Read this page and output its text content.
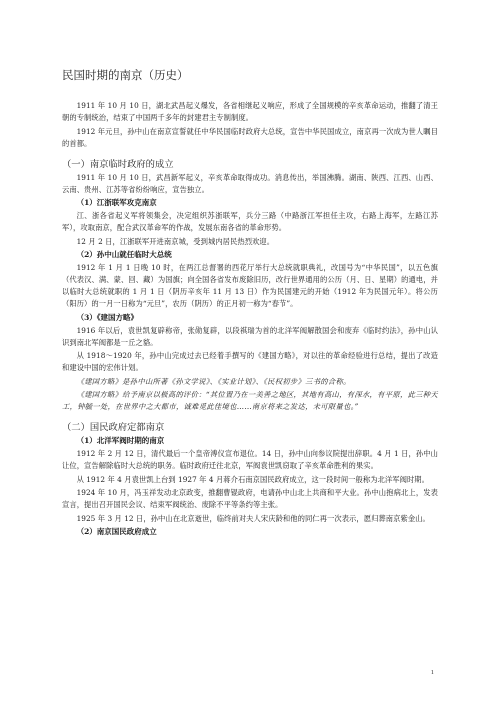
民国时期的南京（历史）

1911 年 10 月 10 日，湖北武昌起义爆发，各省相继起义响应，形成了全国规模的辛亥革命运动，推翻了清王朝的专制统治，结束了中国两千多年的封建君主专制制度。

1912 年元旦，孙中山在南京宣誓就任中华民国临时政府大总统，宣告中华民国成立，南京再一次成为世人瞩目的首都。

（一）南京临时政府的成立

1911 年 10 月 10 日，武昌新军起义，辛亥革命取得成功。消息传出，举国沸腾。湖南、陕西、江西、山西、云南、贵州、江苏等省纷纷响应，宣告独立。

（1）江浙联军攻克南京

江、浙各省起义军将领集会，决定组织苏浙联军，兵分三路（中路浙江军担任主攻，右路上海军，左路江苏军），攻取南京，配合武汉革命军的作战，发展东南各省的革命形势。

12 月 2 日，江浙联军开进南京城，受到城内居民热烈欢迎。

（2）孙中山就任临时大总统

1912 年 1 月 1 日晚 10 时，在两江总督署的西花厅举行大总统就职典礼，改国号为“中华民国”，以五色旗（代表汉、满、蒙、回、藏）为国旗；向全国各省发布废除旧历，改行世界通用的公历（月、日、星期）的通电，并以临时大总统就职的 1 月 1 日（阴历辛亥年 11 月 13 日）作为民国建元的开始（1912 年为民国元年）。将公历（阳历）的一月一日称为“元旦”，农历（阴历）的正月初一称为“春节”。

（3）《建国方略》

1916 年以后，袁世凯复辟称帝，张勋复辟，以段祺瑞为首的北洋军阀解散国会和废弃《临时约法》，孙中山认识到南北军阀都是一丘之貉。

从 1918～1920 年，孙中山完成过去已经着手撰写的《建国方略》，对以往的革命经验进行总结，提出了改造和建设中国的宏伟计划。

《建国方略》是孙中山所著《孙文学说》、《实业计划》、《民权初步》三书的合称。

《建国方略》给予南京以极高的评价：“其位置乃在一美善之地区，其地有高山，有深水，有平原，此三种天工，钟毓一处，在世界中之大都市，诚难觅此佳境也……南京将来之发达，未可限量也。”

（二）国民政府定都南京
（1）北洋军阀时期的南京

1912 年 2 月 12 日，清代最后一个皇帝溥仪宣布退位。14 日，孙中山向参议院提出辞职。4 月 1 日，孙中山让位，宣告解除临时大总统的职务。临时政府迁往北京，军阀袁世凯窃取了辛亥革命胜利的果实。

从 1912 年 4 月袁世凯上台到 1927 年 4 月蒋介石南京国民政府成立，这一段时间一般称为北洋军阀时期。

1924 年 10 月，冯玉祥发动北京政变，推翻曹锟政府，电请孙中山北上共商和平大业。孙中山抱病北上，发表宣言，提出召开国民会议、结束军阀统治、废除不平等条约等主张。

1925 年 3 月 12 日，孙中山在北京逝世，临终前对夫人宋庆龄和他的同仁再一次表示，愿归葬南京紫金山。

（2）南京国民政府成立
1
